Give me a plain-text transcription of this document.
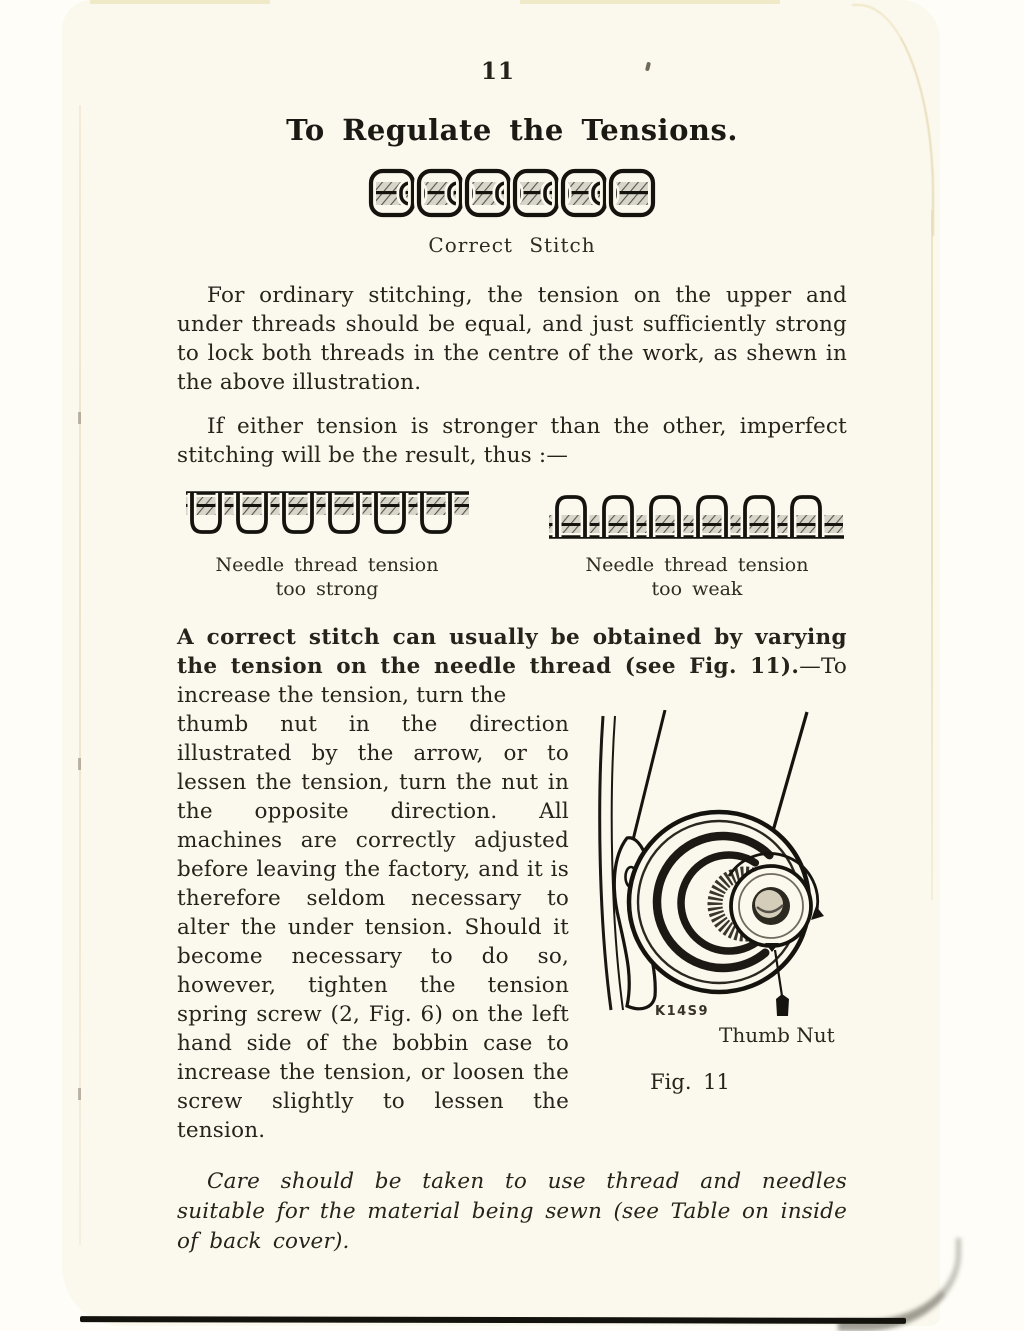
11
To Regulate the Tensions.
Correct Stitch

For ordinary stitching, the tension on the upper and under threads should be equal, and just sufficiently strong to lock both threads in the centre of the work, as shewn in the above illustration.

If either tension is stronger than the other, imperfect stitching will be the result, thus :—

Needle thread tension
too strong
Needle thread tension
too weak

A correct stitch can usually be obtained by varying the tension on the needle thread (see Fig. 11).—To increase the tension, turn the

thumb nut in the direction illustrated by the arrow, or to lessen the tension, turn the nut in the opposite direction. All machines are correctly adjusted before leaving the factory, and it is therefore seldom necessary to alter the under tension. Should it become necessary to do so, however, tighten the tension spring screw (2, Fig. 6) on the left hand side of the bobbin case to increase the tension, or loosen the screw slightly to lessen the tension.

K14S9
Thumb Nut
Fig. 11

Care should be taken to use thread and needles suitable for the material being sewn (see Table on inside of back cover).
